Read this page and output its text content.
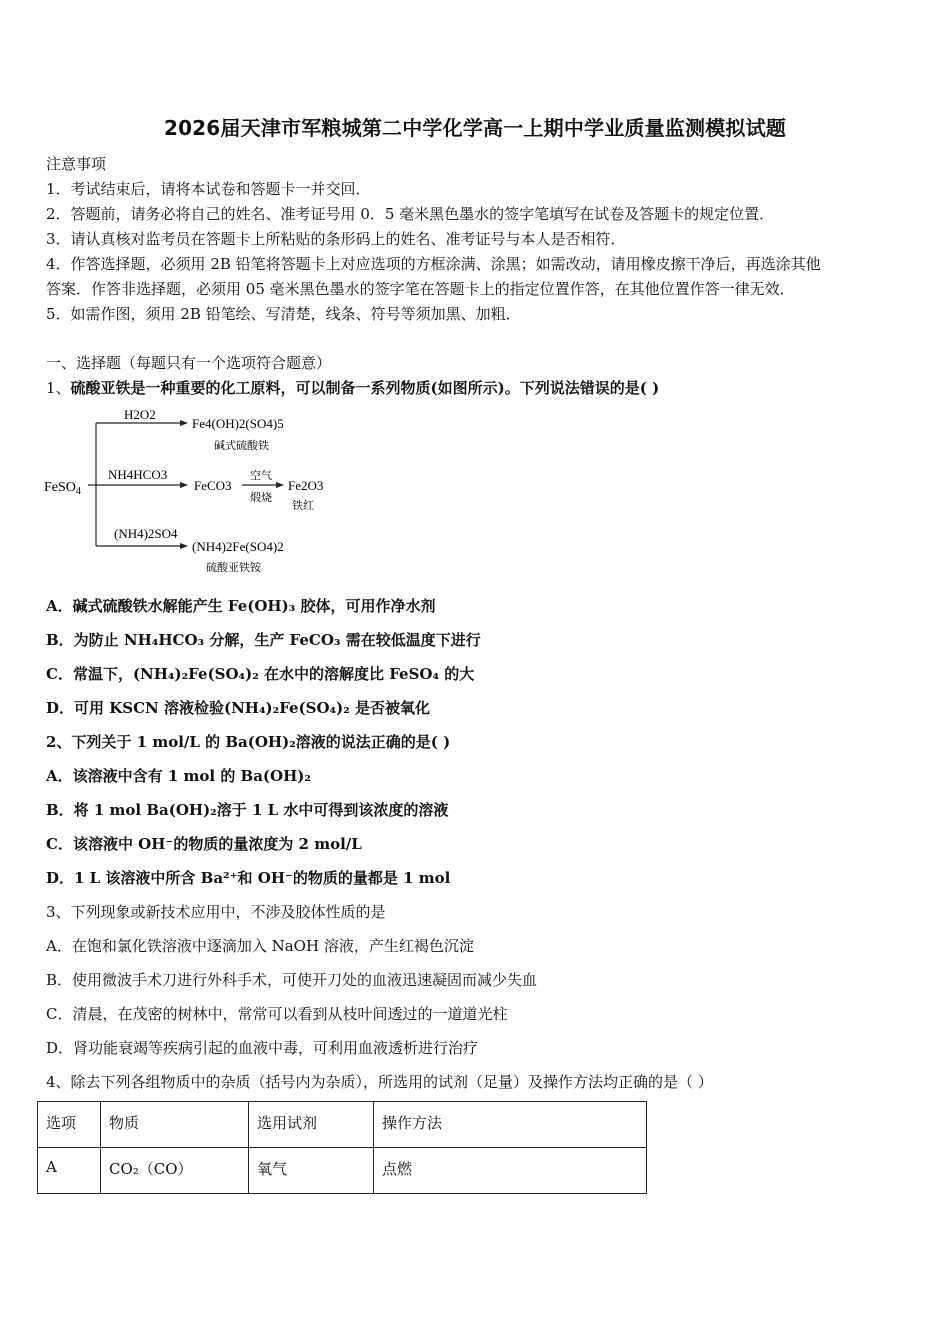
2026届天津市军粮城第二中学化学高一上期中学业质量监测模拟试题
注意事项
1．考试结束后，请将本试卷和答题卡一并交回．
2．答题前，请务必将自己的姓名、准考证号用 0．5 毫米黑色墨水的签字笔填写在试卷及答题卡的规定位置．
3．请认真核对监考员在答题卡上所粘贴的条形码上的姓名、准考证号与本人是否相符．
4．作答选择题，必须用 2B 铅笔将答题卡上对应选项的方框涂满、涂黑；如需改动，请用橡皮擦干净后，再选涂其他
答案．作答非选择题，必须用 05 毫米黑色墨水的签字笔在答题卡上的指定位置作答，在其他位置作答一律无效．
5．如需作图，须用 2B 铅笔绘、写清楚，线条、符号等须加黑、加粗．
一、选择题（每题只有一个选项符合题意）
1、硫酸亚铁是一种重要的化工原料，可以制备一系列物质(如图所示)。下列说法错误的是( )
FeSO$_4$
H2O2
Fe4(OH)2(SO4)5
碱式硫酸铁
NH4HCO3
FeCO3
空气
煅烧
Fe2O3
铁红
(NH4)2SO4
(NH4)2Fe(SO4)2
硫酸亚铁铵
A．碱式硫酸铁水解能产生 Fe(OH)₃ 胶体，可用作净水剂
B．为防止 NH₄HCO₃ 分解，生产 FeCO₃ 需在较低温度下进行
C．常温下，(NH₄)₂Fe(SO₄)₂ 在水中的溶解度比 FeSO₄ 的大
D．可用 KSCN 溶液检验(NH₄)₂Fe(SO₄)₂ 是否被氧化
2、下列关于 1 mol/L 的 Ba(OH)₂溶液的说法正确的是( )
A．该溶液中含有 1 mol 的 Ba(OH)₂
B．将 1 mol Ba(OH)₂溶于 1 L 水中可得到该浓度的溶液
C．该溶液中 OH⁻的物质的量浓度为 2 mol/L
D．1 L 该溶液中所含 Ba²⁺和 OH⁻的物质的量都是 1 mol
3、下列现象或新技术应用中，不涉及胶体性质的是
A．在饱和氯化铁溶液中逐滴加入 NaOH 溶液，产生红褐色沉淀
B．使用微波手术刀进行外科手术，可使开刀处的血液迅速凝固而减少失血
C．清晨，在茂密的树林中，常常可以看到从枝叶间透过的一道道光柱
D．肾功能衰竭等疾病引起的血液中毒，可利用血液透析进行治疗
4、除去下列各组物质中的杂质（括号内为杂质），所选用的试剂（足量）及操作方法均正确的是（ ）
选项	物质	选用试剂	操作方法
A	CO₂（CO）	氧气	点燃
